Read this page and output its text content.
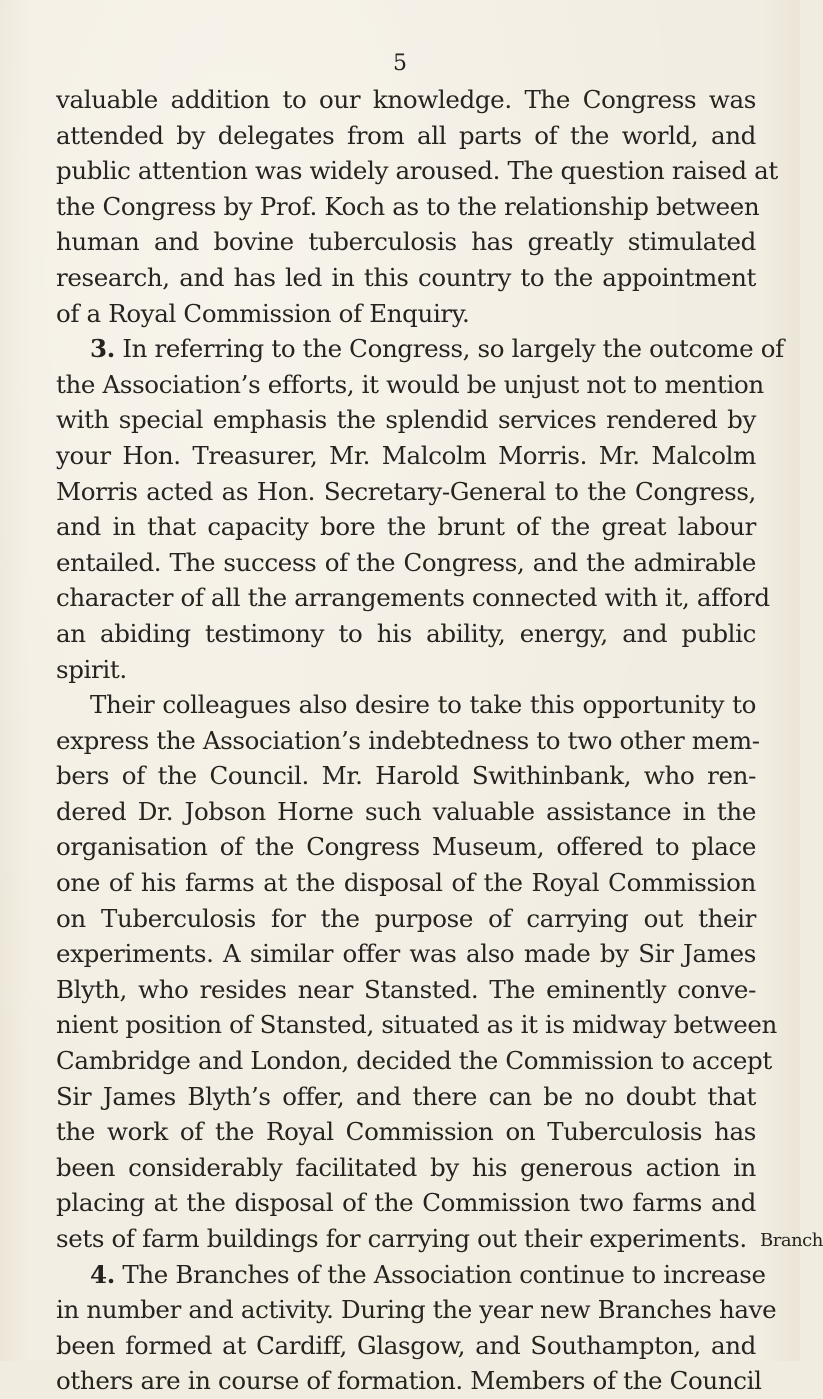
5
valuable addition to our knowledge. The Congress was
attended by delegates from all parts of the world, and
public attention was widely aroused. The question raised at
the Congress by Prof. Koch as to the relationship between
human and bovine tuberculosis has greatly stimulated
research, and has led in this country to the appointment
of a Royal Commission of Enquiry.
3. In referring to the Congress, so largely the outcome of
the Association’s efforts, it would be unjust not to mention
with special emphasis the splendid services rendered by
your Hon. Treasurer, Mr. Malcolm Morris. Mr. Malcolm
Morris acted as Hon. Secretary-General to the Congress,
and in that capacity bore the brunt of the great labour
entailed. The success of the Congress, and the admirable
character of all the arrangements connected with it, afford
an abiding testimony to his ability, energy, and public
spirit.
Their colleagues also desire to take this opportunity to
express the Association’s indebtedness to two other mem-
bers of the Council. Mr. Harold Swithinbank, who ren-
dered Dr. Jobson Horne such valuable assistance in the
organisation of the Congress Museum, offered to place
one of his farms at the disposal of the Royal Commission
on Tuberculosis for the purpose of carrying out their
experiments. A similar offer was also made by Sir James
Blyth, who resides near Stansted. The eminently conve-
nient position of Stansted, situated as it is midway between
Cambridge and London, decided the Commission to accept
Sir James Blyth’s offer, and there can be no doubt that
the work of the Royal Commission on Tuberculosis has
been considerably facilitated by his generous action in
placing at the disposal of the Commission two farms and
sets of farm buildings for carrying out their experiments.
4. The Branches of the Association continue to increase
in number and activity. During the year new Branches have
been formed at Cardiff, Glasgow, and Southampton, and
others are in course of formation. Members of the Council
Branch
